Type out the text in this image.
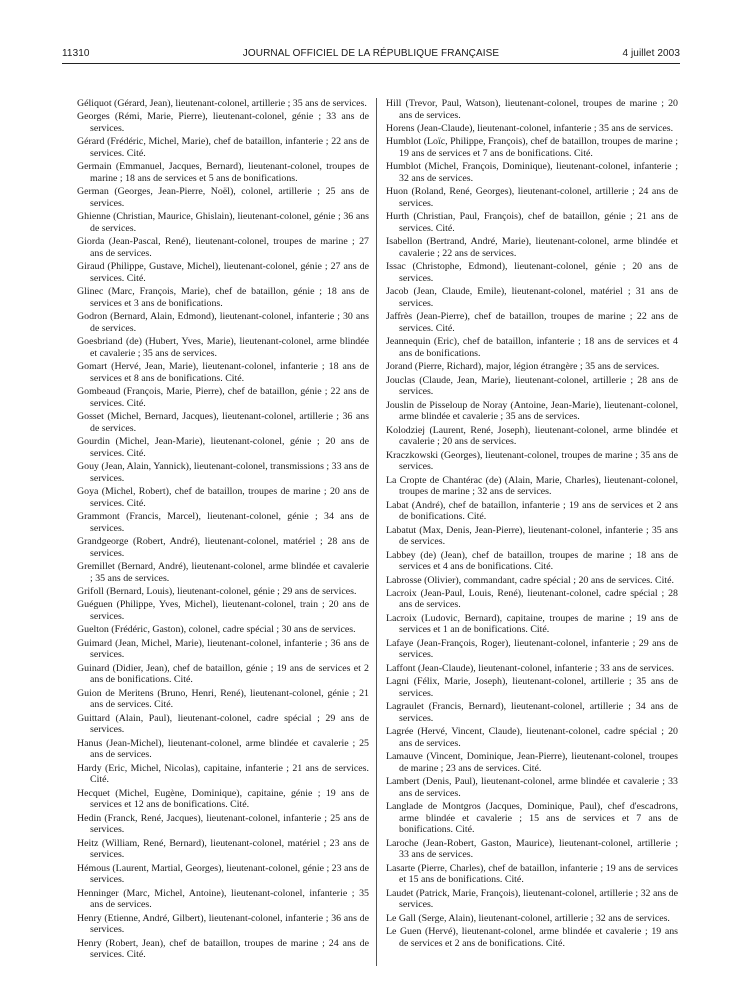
11310	JOURNAL OFFICIEL DE LA RÉPUBLIQUE FRANÇAISE	4 juillet 2003

Géliquot (Gérard, Jean), lieutenant-colonel, artillerie ; 35 ans de services.

Georges (Rémi, Marie, Pierre), lieutenant-colonel, génie ; 33 ans de services.

Gérard (Frédéric, Michel, Marie), chef de bataillon, infanterie ; 22 ans de services. Cité.

Germain (Emmanuel, Jacques, Bernard), lieutenant-colonel, troupes de marine ; 18 ans de services et 5 ans de bonifications.

German (Georges, Jean-Pierre, Noël), colonel, artillerie ; 25 ans de services.

Ghienne (Christian, Maurice, Ghislain), lieutenant-colonel, génie ; 36 ans de services.

Giorda (Jean-Pascal, René), lieutenant-colonel, troupes de marine ; 27 ans de services.

Giraud (Philippe, Gustave, Michel), lieutenant-colonel, génie ; 27 ans de services. Cité.

Glinec (Marc, François, Marie), chef de bataillon, génie ; 18 ans de services et 3 ans de bonifications.

Godron (Bernard, Alain, Edmond), lieutenant-colonel, infanterie ; 30 ans de services.

Goesbriand (de) (Hubert, Yves, Marie), lieutenant-colonel, arme blindée et cavalerie ; 35 ans de services.

Gomart (Hervé, Jean, Marie), lieutenant-colonel, infanterie ; 18 ans de services et 8 ans de bonifications. Cité.

Gombeaud (François, Marie, Pierre), chef de bataillon, génie ; 22 ans de services. Cité.

Gosset (Michel, Bernard, Jacques), lieutenant-colonel, artillerie ; 36 ans de services.

Gourdin (Michel, Jean-Marie), lieutenant-colonel, génie ; 20 ans de services. Cité.

Gouy (Jean, Alain, Yannick), lieutenant-colonel, transmissions ; 33 ans de services.

Goya (Michel, Robert), chef de bataillon, troupes de marine ; 20 ans de services. Cité.

Grammont (Francis, Marcel), lieutenant-colonel, génie ; 34 ans de services.

Grandgeorge (Robert, André), lieutenant-colonel, matériel ; 28 ans de services.

Gremillet (Bernard, André), lieutenant-colonel, arme blindée et cavalerie ; 35 ans de services.

Grifoll (Bernard, Louis), lieutenant-colonel, génie ; 29 ans de services.

Guéguen (Philippe, Yves, Michel), lieutenant-colonel, train ; 20 ans de services.

Guelton (Frédéric, Gaston), colonel, cadre spécial ; 30 ans de services.

Guimard (Jean, Michel, Marie), lieutenant-colonel, infanterie ; 36 ans de services.

Guinard (Didier, Jean), chef de bataillon, génie ; 19 ans de services et 2 ans de bonifications. Cité.

Guion de Meritens (Bruno, Henri, René), lieutenant-colonel, génie ; 21 ans de services. Cité.

Guittard (Alain, Paul), lieutenant-colonel, cadre spécial ; 29 ans de services.

Hanus (Jean-Michel), lieutenant-colonel, arme blindée et cavalerie ; 25 ans de services.

Hardy (Eric, Michel, Nicolas), capitaine, infanterie ; 21 ans de services. Cité.

Hecquet (Michel, Eugène, Dominique), capitaine, génie ; 19 ans de services et 12 ans de bonifications. Cité.

Hedin (Franck, René, Jacques), lieutenant-colonel, infanterie ; 25 ans de services.

Heitz (William, René, Bernard), lieutenant-colonel, matériel ; 23 ans de services.

Hémous (Laurent, Martial, Georges), lieutenant-colonel, génie ; 23 ans de services.

Henninger (Marc, Michel, Antoine), lieutenant-colonel, infanterie ; 35 ans de services.

Henry (Etienne, André, Gilbert), lieutenant-colonel, infanterie ; 36 ans de services.

Henry (Robert, Jean), chef de bataillon, troupes de marine ; 24 ans de services. Cité.

Hill (Trevor, Paul, Watson), lieutenant-colonel, troupes de marine ; 20 ans de services.

Horens (Jean-Claude), lieutenant-colonel, infanterie ; 35 ans de services.

Humblot (Loïc, Philippe, François), chef de bataillon, troupes de marine ; 19 ans de services et 7 ans de bonifications. Cité.

Humblot (Michel, François, Dominique), lieutenant-colonel, infanterie ; 32 ans de services.

Huon (Roland, René, Georges), lieutenant-colonel, artillerie ; 24 ans de services.

Hurth (Christian, Paul, François), chef de bataillon, génie ; 21 ans de services. Cité.

Isabellon (Bertrand, André, Marie), lieutenant-colonel, arme blindée et cavalerie ; 22 ans de services.

Issac (Christophe, Edmond), lieutenant-colonel, génie ; 20 ans de services.

Jacob (Jean, Claude, Emile), lieutenant-colonel, matériel ; 31 ans de services.

Jaffrès (Jean-Pierre), chef de bataillon, troupes de marine ; 22 ans de services. Cité.

Jeannequin (Eric), chef de bataillon, infanterie ; 18 ans de services et 4 ans de bonifications.

Jorand (Pierre, Richard), major, légion étrangère ; 35 ans de services.

Jouclas (Claude, Jean, Marie), lieutenant-colonel, artillerie ; 28 ans de services.

Jouslin de Pisseloup de Noray (Antoine, Jean-Marie), lieutenant-colonel, arme blindée et cavalerie ; 35 ans de services.

Kolodziej (Laurent, René, Joseph), lieutenant-colonel, arme blindée et cavalerie ; 20 ans de services.

Kraczkowski (Georges), lieutenant-colonel, troupes de marine ; 35 ans de services.

La Cropte de Chantérac (de) (Alain, Marie, Charles), lieutenant-colonel, troupes de marine ; 32 ans de services.

Labat (André), chef de bataillon, infanterie ; 19 ans de services et 2 ans de bonifications. Cité.

Labatut (Max, Denis, Jean-Pierre), lieutenant-colonel, infanterie ; 35 ans de services.

Labbey (de) (Jean), chef de bataillon, troupes de marine ; 18 ans de services et 4 ans de bonifications. Cité.

Labrosse (Olivier), commandant, cadre spécial ; 20 ans de services. Cité.

Lacroix (Jean-Paul, Louis, René), lieutenant-colonel, cadre spécial ; 28 ans de services.

Lacroix (Ludovic, Bernard), capitaine, troupes de marine ; 19 ans de services et 1 an de bonifications. Cité.

Lafaye (Jean-François, Roger), lieutenant-colonel, infanterie ; 29 ans de services.

Laffont (Jean-Claude), lieutenant-colonel, infanterie ; 33 ans de services.

Lagni (Félix, Marie, Joseph), lieutenant-colonel, artillerie ; 35 ans de services.

Lagraulet (Francis, Bernard), lieutenant-colonel, artillerie ; 34 ans de services.

Lagrée (Hervé, Vincent, Claude), lieutenant-colonel, cadre spécial ; 20 ans de services.

Lamauve (Vincent, Dominique, Jean-Pierre), lieutenant-colonel, troupes de marine ; 23 ans de services. Cité.

Lambert (Denis, Paul), lieutenant-colonel, arme blindée et cavalerie ; 33 ans de services.

Langlade de Montgros (Jacques, Dominique, Paul), chef d'escadrons, arme blindée et cavalerie ; 15 ans de services et 7 ans de bonifications. Cité.

Laroche (Jean-Robert, Gaston, Maurice), lieutenant-colonel, artillerie ; 33 ans de services.

Lasarte (Pierre, Charles), chef de bataillon, infanterie ; 19 ans de services et 15 ans de bonifications. Cité.

Laudet (Patrick, Marie, François), lieutenant-colonel, artillerie ; 32 ans de services.

Le Gall (Serge, Alain), lieutenant-colonel, artillerie ; 32 ans de services.

Le Guen (Hervé), lieutenant-colonel, arme blindée et cavalerie ; 19 ans de services et 2 ans de bonifications. Cité.
